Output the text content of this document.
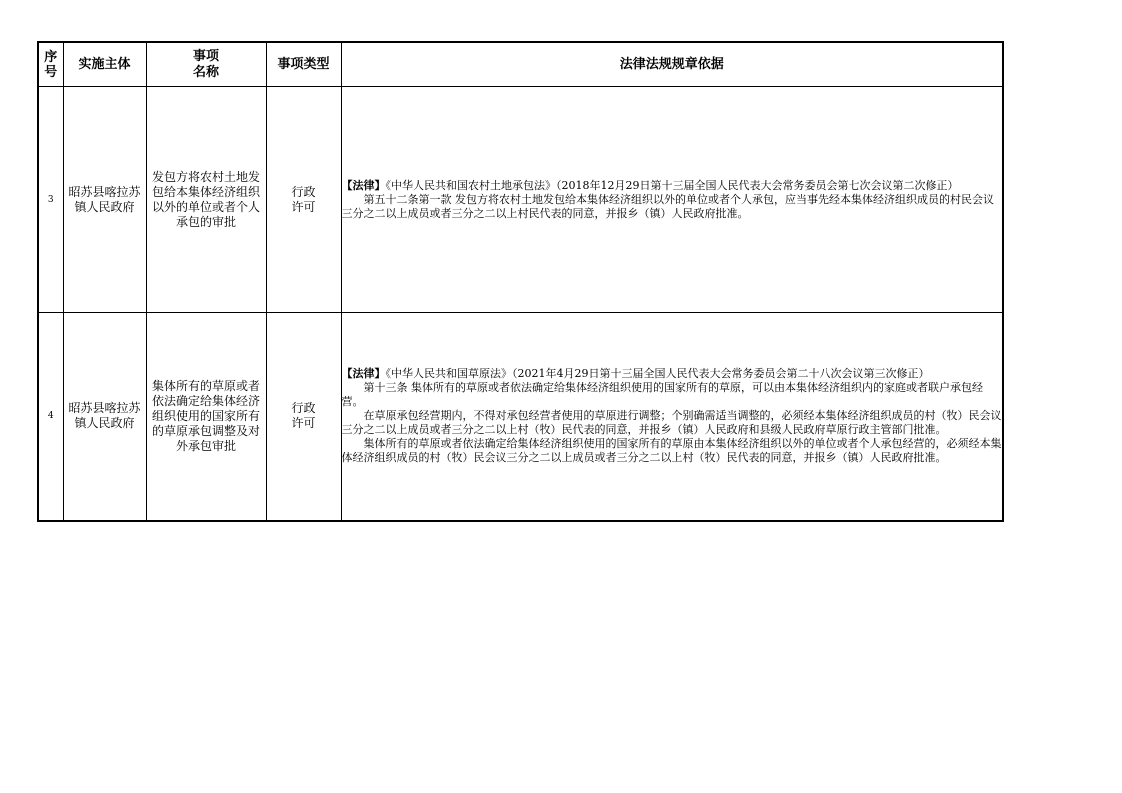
序号	实施主体	事项名称	事项类型	法律法规规章依据
3	昭苏县喀拉苏镇人民政府	发包方将农村土地发包给本集体经济组织以外的单位或者个人承包的审批	行政许可	【法律】《中华人民共和国农村土地承包法》（2018年12月29日第十三届全国人民代表大会常务委员会第七次会议第二次修正）

第五十二条第一款 发包方将农村土地发包给本集体经济组织以外的单位或者个人承包，应当事先经本集体经济组织成员的村民会议三分之二以上成员或者三分之二以上村民代表的同意，并报乡（镇）人民政府批准。

4	昭苏县喀拉苏镇人民政府	集体所有的草原或者依法确定给集体经济组织使用的国家所有的草原承包调整及对外承包审批	行政许可	【法律】《中华人民共和国草原法》（2021年4月29日第十三届全国人民代表大会常务委员会第二十八次会议第三次修正）

第十三条 集体所有的草原或者依法确定给集体经济组织使用的国家所有的草原，可以由本集体经济组织内的家庭或者联户承包经营。

在草原承包经营期内，不得对承包经营者使用的草原进行调整；个别确需适当调整的，必须经本集体经济组织成员的村（牧）民会议三分之二以上成员或者三分之二以上村（牧）民代表的同意，并报乡（镇）人民政府和县级人民政府草原行政主管部门批准。

集体所有的草原或者依法确定给集体经济组织使用的国家所有的草原由本集体经济组织以外的单位或者个人承包经营的，必须经本集体经济组织成员的村（牧）民会议三分之二以上成员或者三分之二以上村（牧）民代表的同意，并报乡（镇）人民政府批准。
